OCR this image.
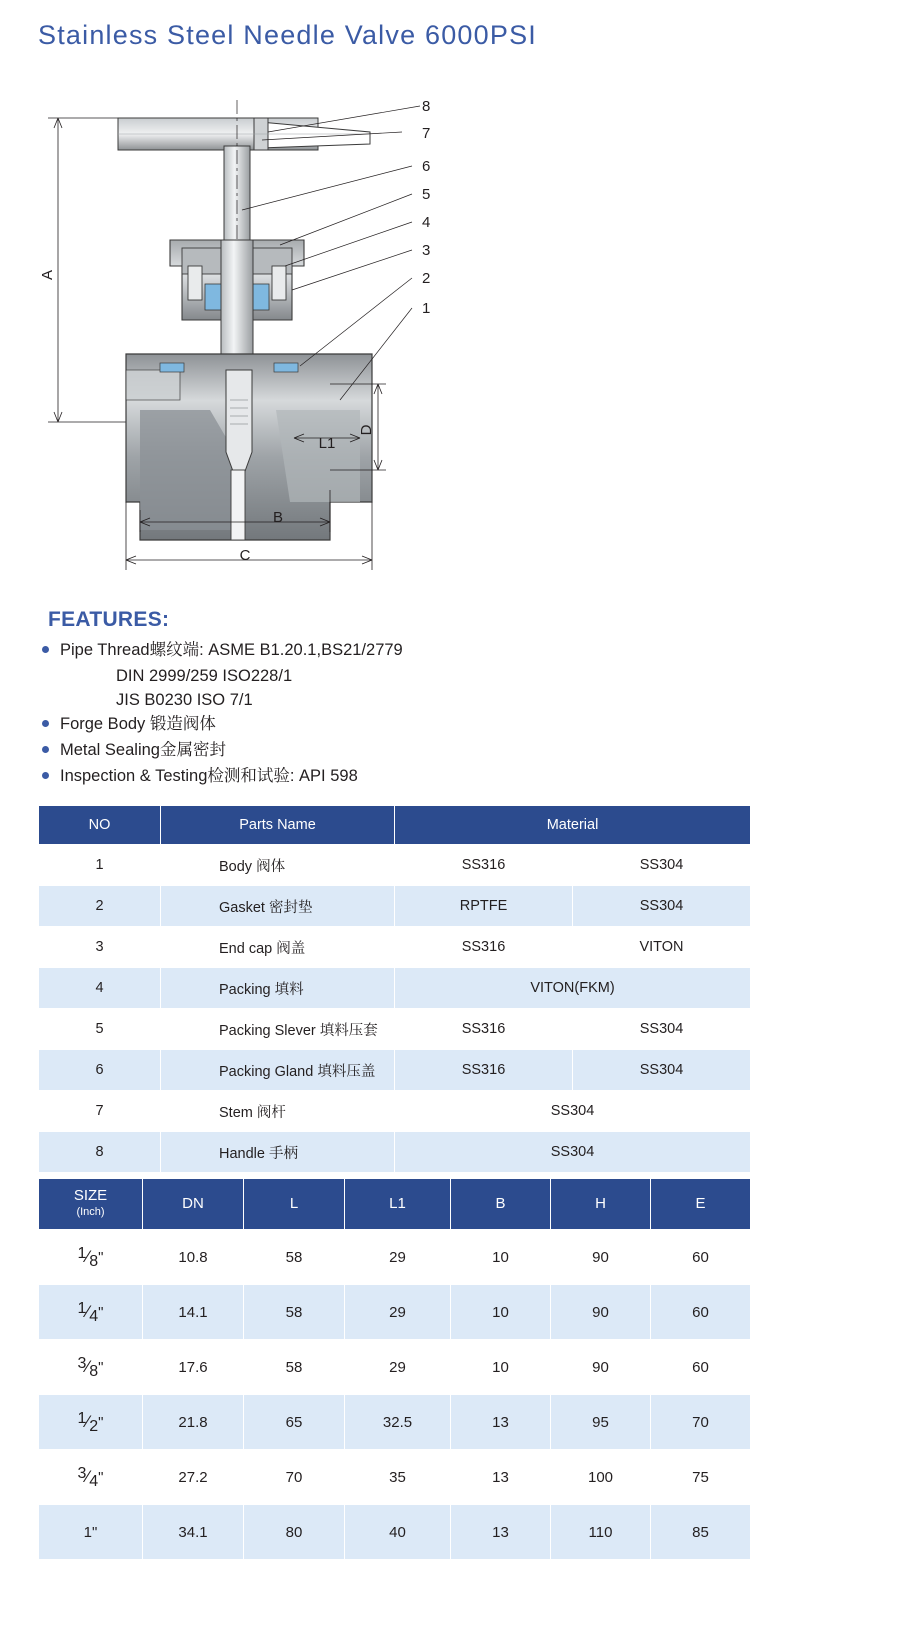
Stainless Steel Needle Valve 6000PSI
A
8
7
6
5
4
3
2
1
D
L1
B
C
FEATURES:
Pipe Thread螺纹端: ASME B1.20.1,BS21/2779
DIN 2999/259 ISO228/1
JIS B0230 ISO 7/1
Forge Body 锻造阀体
Metal Sealing金属密封
Inspection & Testing检测和试验: API 598
NO	Parts Name	Material	
1	Body 阀体	SS316	SS304
2	Gasket 密封垫	RPTFE	SS304
3	End cap 阀盖	SS316	VITON
4	Packing 填料	VITON(FKM)	
5	Packing Slever 填料压套	SS316	SS304
6	Packing Gland 填料压盖	SS316	SS304
7	Stem 阀杆	SS304	
8	Handle 手柄	SS304	
SIZE
(Inch)	DN	L	L1	B	H	E
1⁄8"	10.8	58	29	10	90	60
1⁄4"	14.1	58	29	10	90	60
3⁄8"	17.6	58	29	10	90	60
1⁄2"	21.8	65	32.5	13	95	70
3⁄4"	27.2	70	35	13	100	75
1"	34.1	80	40	13	110	85
